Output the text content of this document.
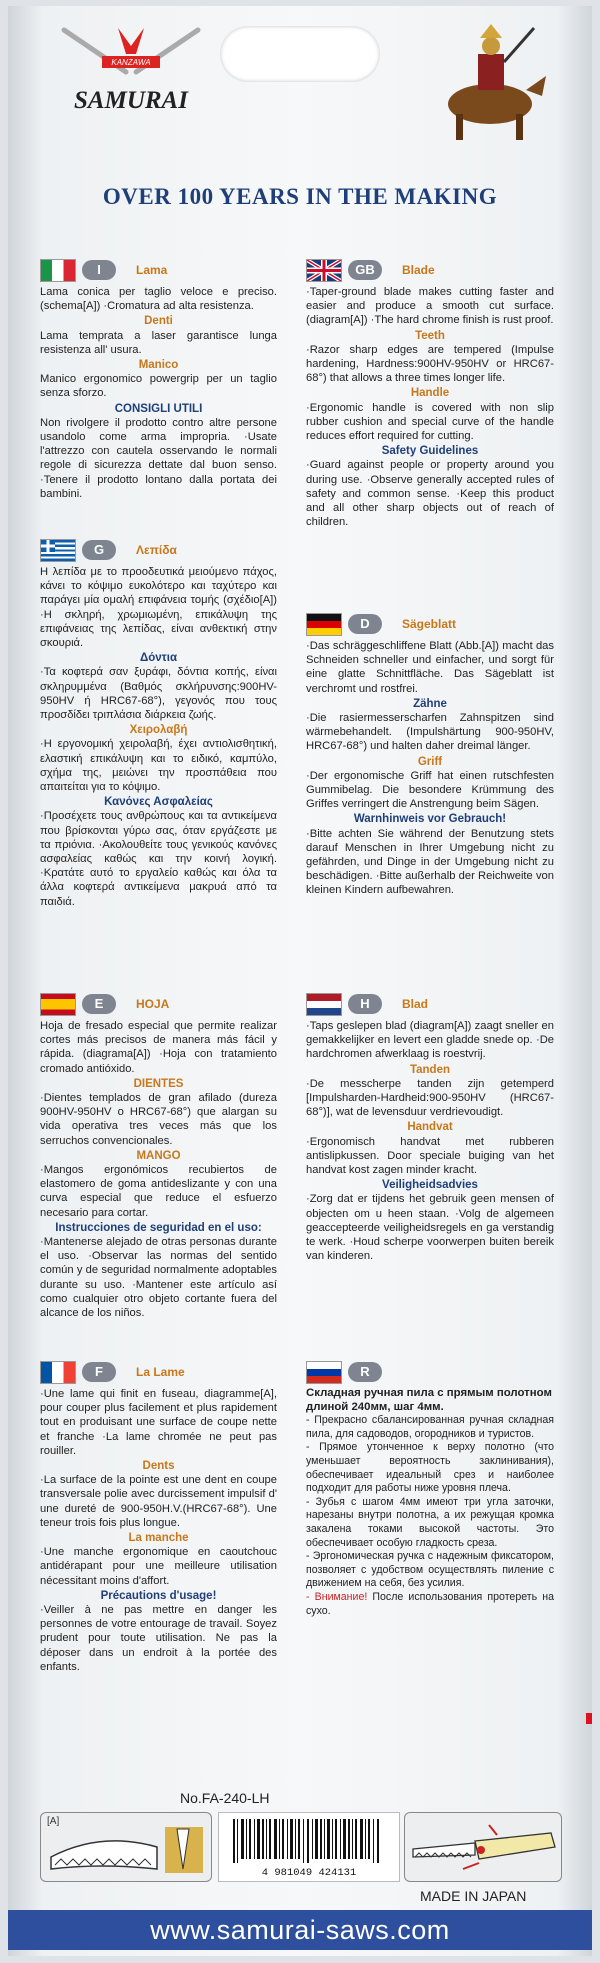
KANZAWA
SAMURAI
OVER 100 YEARS IN THE MAKING
I	Lama

Lama conica per taglio veloce e preciso. (schema[A]) ·Cromatura ad alta resistenza.

Denti

Lama temprata a laser garantisce lunga resistenza all' usura.

Manico

Manico ergonomico powergrip per un taglio senza sforzo.

CONSIGLI UTILI

Non rivolgere il prodotto contro altre persone usandolo come arma impropria. ·Usate l'attrezzo con cautela osservando le normali regole di sicurezza dettate dal buon senso. ·Tenere il prodotto lontano dalla portata dei bambini.

GB	Blade

·Taper-ground blade makes cutting faster and easier and produce a smooth cut surface. (diagram[A]) ·The hard chrome finish is rust proof.

Teeth

·Razor sharp edges are tempered (Impulse hardening, Hardness:900HV-950HV or HRC67-68°) that allows a three times longer life.

Handle

·Ergonomic handle is covered with non slip rubber cushion and special curve of the handle reduces effort required for cutting.

Safety Guidelines

·Guard against people or property around you during use. ·Observe generally accepted rules of safety and common sense. ·Keep this product and all other sharp objects out of reach of children.

G	Λεπίδα

Η λεπίδα με το προοδευτικά μειούμενο πάχος, κάνει το κόψιμο ευκολότερο και ταχύτερο και παράγει μία ομαλή επιφάνεια τομής (σχέδιο[A]) ·Η σκληρή, χρωμιωμένη, επικάλυψη της επιφάνειας της λεπίδας, είναι ανθεκτική στην σκουριά.

Δόντια

·Τα κοφτερά σαν ξυράφι, δόντια κοπής, είναι σκληρυμμένα (Βαθμός σκλήρυνσης:900HV-950HV ή HRC67-68°), γεγονός που τους προσδίδει τριπλάσια διάρκεια ζωής.

Χειρολαβή

·Η εργονομική χειρολαβή, έχει αντιολισθητική, ελαστική επικάλυψη και το ειδικό, καμπύλο, σχήμα της, μειώνει την προσπάθεια που απαιτείται για το κόψιμο.

Κανόνες Ασφαλείας

·Προσέχετε τους ανθρώπους και τα αντικείμενα που βρίσκονται γύρω σας, όταν εργάζεστε με τα πριόνια. ·Ακολουθείτε τους γενικούς κανόνες ασφαλείας καθώς και την κοινή λογική. ·Κρατάτε αυτό το εργαλείο καθώς και όλα τα άλλα κοφτερά αντικείμενα μακρυά από τα παιδιά.

D	Sägeblatt

·Das schräggeschliffene Blatt (Abb.[A]) macht das Schneiden schneller und einfacher, und sorgt für eine glatte Schnittfläche. Das Sägeblatt ist verchromt und rostfrei.

Zähne

·Die rasiermesserscharfen Zahnspitzen sind wärmebehandelt. (Impulshärtung 900-950HV, HRC67-68°) und halten daher dreimal länger.

Griff

·Der ergonomische Griff hat einen rutschfesten Gummibelag. Die besondere Krümmung des Griffes verringert die Anstrengung beim Sägen.

Warnhinweis vor Gebrauch!

·Bitte achten Sie während der Benutzung stets darauf Menschen in Ihrer Umgebung nicht zu gefährden, und Dinge in der Umgebung nicht zu beschädigen. ·Bitte außerhalb der Reichweite von kleinen Kindern aufbewahren.

E	HOJA

Hoja de fresado especial que permite realizar cortes más precisos de manera más fácil y rápida. (diagrama[A]) ·Hoja con tratamiento cromado antióxido.

DIENTES

·Dientes templados de gran afilado (dureza 900HV-950HV o HRC67-68°) que alargan su vida operativa tres veces más que los serruchos convencionales.

MANGO

·Mangos ergonómicos recubiertos de elastomero de goma antideslizante y con una curva especial que reduce el esfuerzo necesario para cortar.

Instrucciones de seguridad en el uso:

·Mantenerse alejado de otras personas durante el uso. ·Observar las normas del sentido común y de seguridad normalmente adoptables durante su uso. ·Mantener este artículo así como cualquier otro objeto cortante fuera del alcance de los niños.

H	Blad

·Taps geslepen blad (diagram[A]) zaagt sneller en gemakkelijker en levert een gladde snede op. ·De hardchromen afwerklaag is roestvrij.

Tanden

·De messcherpe tanden zijn getemperd [Impulsharden-Hardheid:900-950HV (HRC67-68°)], wat de levensduur verdrievoudigt.

Handvat

·Ergonomisch handvat met rubberen antislipkussen. Door speciale buiging van het handvat kost zagen minder kracht.

Veiligheidsadvies

·Zorg dat er tijdens het gebruik geen mensen of objecten om u heen staan. ·Volg de algemeen geaccepteerde veiligheidsregels en ga verstandig te werk. ·Houd scherpe voorwerpen buiten bereik van kinderen.

F	La Lame

·Une lame qui finit en fuseau, diagramme[A], pour couper plus facilement et plus rapidement tout en produisant une surface de coupe nette et franche ·La lame chromée ne peut pas rouiller.

Dents

·La surface de la pointe est une dent en coupe transversale polie avec durcissement impulsif d' une dureté de 900-950H.V.(HRC67-68°). Une teneur trois fois plus longue.

La manche

·Une manche ergonomique en caoutchouc antidérapant pour une meilleure utilisation nécessitant moins d'affort.

Précautions d'usage!

·Veiller à ne pas mettre en danger les personnes de votre entourage de travail. Soyez prudent pour toute utilisation. Ne pas la déposer dans un endroit à la portée des enfants.

R

Складная ручная пила с прямым полотном длиной 240мм, шаг 4мм.

- Прекрасно сбалансированная ручная складная пила, для садоводов, огородников и туристов.

- Прямое утонченное к верху полотно (что уменьшает вероятность заклинивания), обеспечивает идеальный срез и наиболее подходит для работы ниже уровня плеча.

- Зубья с шагом 4мм имеют три угла заточки, нарезаны внутри полотна, а их режущая кромка закалена токами высокой частоты. Это обеспечивает особую гладкость среза.

- Эргономическая ручка с надежным фиксатором, позволяет с удобством осуществлять пиление с движением на себя, без усилия.

- Внимание! После использования протереть на сухо.

No.FA-240-LH
[A]
4 981049 424131
MADE IN JAPAN
www.samurai-saws.com
